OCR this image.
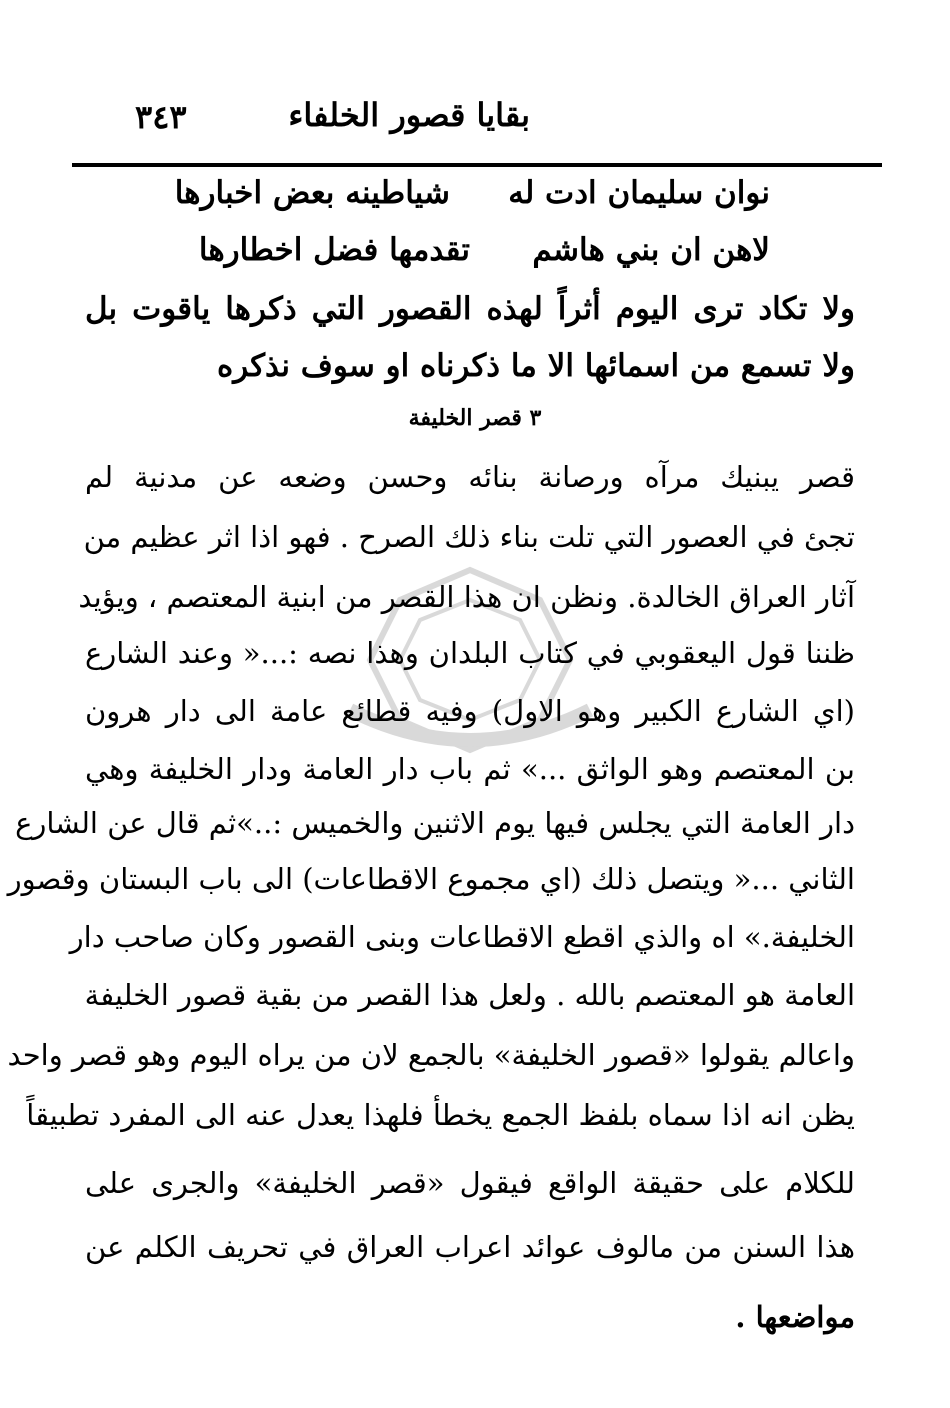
بقايا قصور الخلفاء
٣٤٣
نوان سليمان ادت له
شياطينه بعض اخبارها
لاهن ان بني هاشم
تقدمها فضل اخطارها
ولا تكاد ترى اليوم أثراً لهذه القصور التي ذكرها ياقوت بل
ولا تسمع من اسمائها الا ما ذكرناه او سوف نذكره
٣ قصر الخليفة
قصر يبنيك مرآه ورصانة بنائه وحسن وضعه عن مدنية لم
تجئ في العصور التي تلت بناء ذلك الصرح . فهو اذا اثر عظيم من
آثار العراق الخالدة. ونظن ان هذا القصر من ابنية المعتصم ، ويؤيد
ظننا قول اليعقوبي في كتاب البلدان وهذا نصه :...« وعند الشارع
(اي الشارع الكبير وهو الاول) وفيه قطائع عامة الى دار هرون
بن المعتصم وهو الواثق ...» ثم باب دار العامة ودار الخليفة وهي
دار العامة التي يجلس فيها يوم الاثنين والخميس :..»ثم قال عن الشارع
الثاني ...« ويتصل ذلك (اي مجموع الاقطاعات) الى باب البستان وقصور
الخليفة.» اه والذي اقطع الاقطاعات وبنى القصور وكان صاحب دار
العامة هو المعتصم بالله . ولعل هذا القصر من بقية قصور الخليفة
واعالم يقولوا «قصور الخليفة» بالجمع لان من يراه اليوم وهو قصر واحد
يظن انه اذا سماه بلفظ الجمع يخطأ فلهذا يعدل عنه الى المفرد تطبيقاً
للكلام على حقيقة الواقع فيقول «قصر الخليفة» والجرى على
هذا السنن من مالوف عوائد اعراب العراق في تحريف الكلم عن
مواضعها .
